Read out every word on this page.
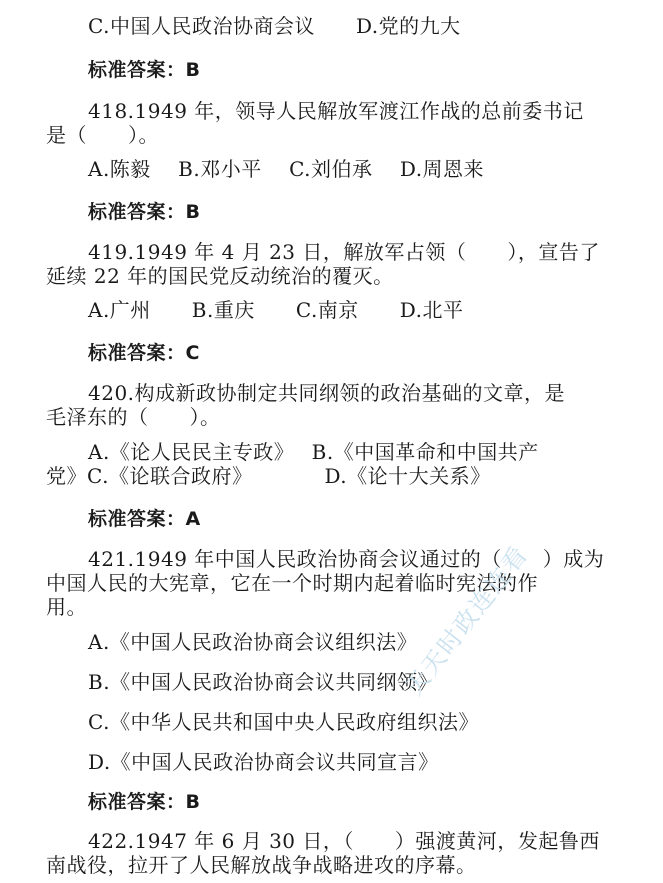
C.中国人民政治协商会议　　D.党的九大
标准答案：B
418.1949 年，领导人民解放军渡江作战的总前委书记
是（　　）。
A.陈毅　 B.邓小平　 C.刘伯承　 D.周恩来
标准答案：B
419.1949 年 4 月 23 日，解放军占领（　　），宣告了
延续 22 年的国民党反动统治的覆灭。
A.广州　　B.重庆　　C.南京　　D.北平
标准答案：C
420.构成新政协制定共同纲领的政治基础的文章，是
毛泽东的（　　）。
A.《论人民民主专政》　 B.《中国革命和中国共产
党》C.《论联合政府》　　　　D.《论十大关系》
标准答案：A
421.1949 年中国人民政治协商会议通过的（　　）成为
中国人民的大宪章，它在一个时期内起着临时宪法的作
用。
A.《中国人民政治协商会议组织法》
B.《中国人民政治协商会议共同纲领》
C.《中华人民共和国中央人民政府组织法》
D.《中国人民政治协商会议共同宣言》
标准答案：B
422.1947 年 6 月 30 日，（　　）强渡黄河，发起鲁西
南战役，拉开了人民解放战争战略进攻的序幕。
天天时政连连看
